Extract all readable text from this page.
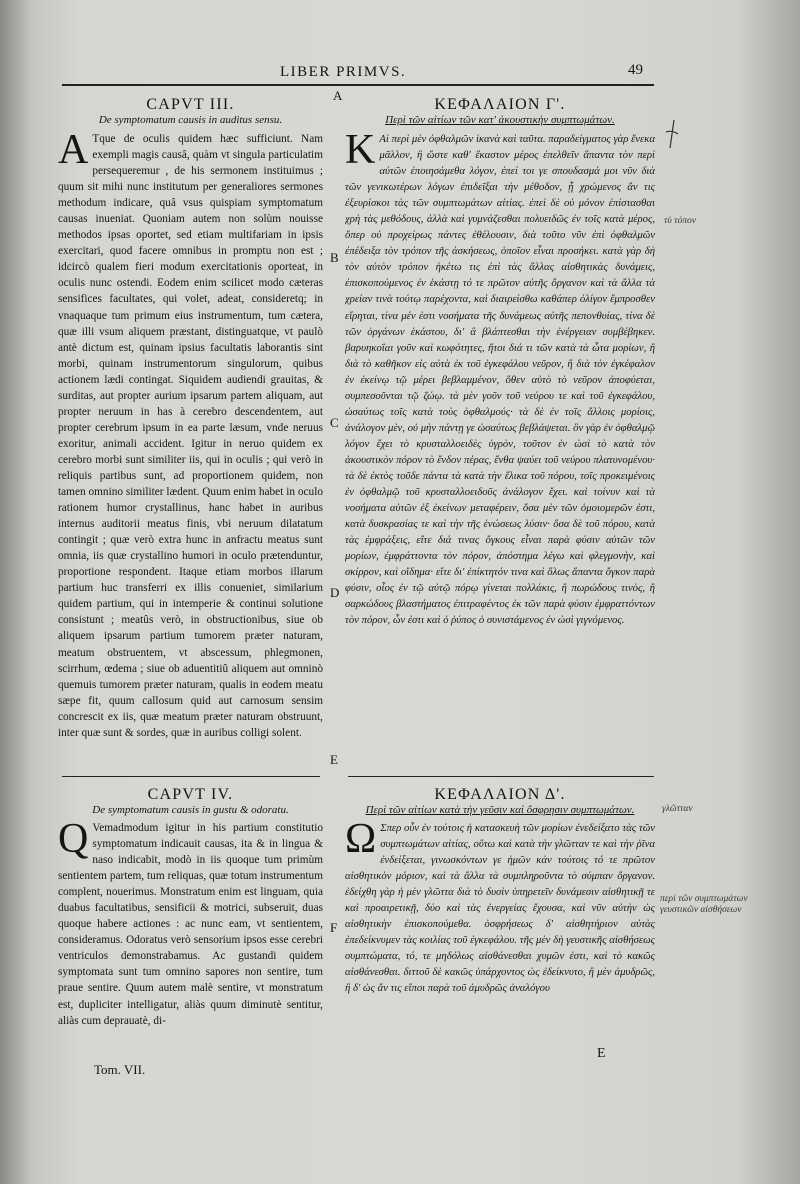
LIBER PRIMVS.	49
A
CAPVT III.
De symptomatum causis in auditus sensu.
A Tque de oculis quidem hæc sufficiunt. Nam exempli magis causâ, quàm vt singula particulatim persequeremur , de his sermonem instituimus ; quum sit mihi nunc institutum per generaliores sermones methodum indicare, quâ vsus quispiam symptomatum causas inueniat. Quoniam autem non solùm nouisse methodos ipsas oportet, sed etiam multifariam in ipsis exercitari, quod facere omnibus in promptu non est ; idcircò qualem fieri modum exercitationis oporteat, in oculis nunc ostendi. Eodem enim scilicet modo cæteras sensifices facultates, qui volet, adeat, consideretq; in vnaquaque tum primum eius instrumentum, tum cætera, quæ illi vsum aliquem præstant, distinguatque, vt paulò antè dictum est, quinam ipsius facultatis laborantis sint morbi, quinam instrumentorum singulorum, quibus actionem lædi contingat. Siquidem audiendi grauitas, & surditas, aut propter aurium ipsarum partem aliquam, aut propter neruum in has à cerebro descendentem, aut propter cerebrum ipsum in ea parte læsum, vnde neruus exoritur, animali accident. Igitur in neruo quidem ex cerebro morbi sunt similiter iis, qui in oculis ; qui verò in reliquis partibus sunt, ad proportionem quidem, non tamen omnino similiter lædent. Quum enim habet in oculo rationem humor crystallinus, hanc habet in auribus internus auditorii meatus finis, vbi neruum dilatatum contingit ; quæ verò extra hunc in anfractu meatus sunt omnia, iis quæ crystallino humori in oculo prætenduntur, proportione respondent. Itaque etiam morbos illarum partium huc transferri ex illis conueniet, similarium quidem partium, qui in intemperie & continui solutione consistunt ; meatûs verò, in obstructionibus, siue ob aliquem ipsarum partium tumorem præter naturam, meatum obstruentem, vt abscessum, phlegmonen, scirrhum, œdema ; siue ob aduentitiû aliquem aut omninò quemuis tumorem præter naturam, qualis in eodem meatu sæpe fit, quum callosum quid aut carnosum sensim concrescit ex iis, quæ meatum præter naturam obstruunt, inter quæ sunt & sordes, quæ in auribus colligi solent.
CAPVT IV.
De symptomatum causis in gustu & odoratu.
Q Vemadmodum igitur in his partium constitutio symptomatum indicauit causas, ita & in lingua & naso indicabit, modò in iis quoque tum primùm sentientem partem, tum reliquas, quæ totum instrumentum complent, nouerimus. Monstratum enim est linguam, quia duabus facultatibus, sensificii & motrici, subseruit, duas quoque habere actiones : ac nunc eam, vt sentientem, consideramus. Odoratus verò sensorium ipsos esse cerebri ventriculos demonstrabamus. Ac gustandi quidem symptomata sunt tum omnino sapores non sentire, tum praue sentire. Quum autem malè sentire, vt monstratum est, dupliciter intelligatur, aliàs quum diminutè sentitur, aliàs cum deprauatè, di-
Tom. VII.
B
C
D
E
F
ΚΕΦΑΛΑΙΟΝ Γ'.
Περὶ τῶν αἰτίων τῶν κατ' ἀκουστικὴν συμπτωμάτων.
Κ Αὶ περὶ μὲν ὀφθαλμῶν ἱκανὰ καὶ ταῦτα. παραδείγματος γὰρ ἕνεκα μᾶλλον, ἢ ὥστε καθ' ἕκαστον μέρος ἐπελθεῖν ἅπαντα τὸν περὶ αὐτῶν ἐποιησάμεθα λόγον, ἐπεί τοι γε σπουδασμά μοι νῦν διὰ τῶν γενικωτέρων λόγων ἐπιδεῖξαι τὴν μέθοδον, ᾗ χρώμενος ἄν τις ἐξευρίσκοι τὰς τῶν συμπτωμάτων αἰτίας. ἐπεὶ δὲ οὐ μόνον ἐπίστασθαι χρὴ τὰς μεθόδους, ἀλλὰ καὶ γυμνάζεσθαι πολυειδῶς ἐν τοῖς κατὰ μέρος, ὅπερ οὐ προχείρως πάντες ἐθέλουσιν, διὰ τοῦτο νῦν ἐπὶ ὀφθαλμῶν ἐπέδειξα τὸν τρόπον τῆς ἀσκήσεως, ὁποῖον εἶναι προσήκει. κατὰ γὰρ δὴ τὸν αὐτὸν τρόπον ἡκέτω τις ἐπὶ τὰς ἄλλας αἰσθητικὰς δυνάμεις, ἐπισκοπούμενος ἐν ἑκάστῃ τό τε πρῶτον αὐτῆς ὄργανον καὶ τὰ ἄλλα τὰ χρείαν τινὰ τούτῳ παρέχοντα, καὶ διαιρείσθω καθάπερ ὀλίγον ἔμπροσθεν εἴρηται, τίνα μέν ἐστι νοσήματα τῆς δυνάμεως αὐτῆς πεπονθυίας, τίνα δὲ τῶν ὀργάνων ἑκάστου, δι' ἃ βλάπτεσθαι τὴν ἐνέργειαν συμβέβηκεν. βαρυηκοΐαι γοῦν καὶ κωφότητες, ἤτοι διά τι τῶν κατὰ τὰ ὦτα μορίων, ἢ διὰ τὸ καθῆκον εἰς αὐτὰ ἐκ τοῦ ἐγκεφάλου νεῦρον, ἢ διὰ τὸν ἐγκέφαλον ἐν ἐκείνῳ τῷ μέρει βεβλαμμένον, ὅθεν αὐτὸ τὸ νεῦρον ἀποφύεται, συμπεσοῦνται τῷ ζώῳ. τὰ μὲν γοῦν τοῦ νεύρου τε καὶ τοῦ ἐγκεφάλου, ὡσαύτως τοῖς κατὰ τοὺς ὀφθαλμούς· τὰ δὲ ἐν τοῖς ἄλλοις μορίοις, ἀνάλογον μὲν, οὐ μὴν πάντῃ γε ὡσαύτως βεβλάψεται. ὃν γὰρ ἐν ὀφθαλμῷ λόγον ἔχει τὸ κρυσταλλοειδὲς ὑγρὸν, τοῦτον ἐν ὠσὶ τὸ κατὰ τὸν ἀκουστικὸν πόρον τὸ ἔνδον πέρας, ἔνθα ψαύει τοῦ νεύρου πλατυνομένου· τὰ δὲ ἐκτὸς τοῦδε πάντα τὰ κατὰ τὴν ἕλικα τοῦ πόρου, τοῖς προκειμένοις ἐν ὀφθαλμῷ τοῦ κρυσταλλοειδοῦς ἀνάλογον ἔχει. καὶ τοίνυν καὶ τὰ νοσήματα αὐτῶν ἐξ ἐκείνων μεταφέρειν, ὅσα μὲν τῶν ὁμοιομερῶν ἐστι, κατὰ δυσκρασίας τε καὶ τὴν τῆς ἑνώσεως λύσιν· ὅσα δὲ τοῦ πόρου, κατὰ τὰς ἐμφράξεις, εἴτε διά τινας ὄγκους εἶναι παρὰ φύσιν αὐτῶν τῶν μορίων, ἐμφράττοντα τὸν πόρον, ἀπόστημα λέγω καὶ φλεγμονὴν, καὶ σκίρρον, καὶ οἴδημα· εἴτε δι' ἐπίκτητόν τινα καὶ ὅλως ἅπαντα ὄγκον παρὰ φύσιν, οἷος ἐν τῷ αὐτῷ πόρῳ γίνεται πολλάκις, ἢ πωρώδους τινὸς, ἢ σαρκώδους βλαστήματος ἐπιτραφέντος ἐκ τῶν παρὰ φύσιν ἐμφραττόντων τὸν πόρον, ὧν ἐστι καὶ ὁ ῥύπος ὁ συνιστάμενος ἐν ὠσὶ γιγνόμενος.
ΚΕΦΑΛΑΙΟΝ Δ'.
Περὶ τῶν αἰτίων κατὰ τὴν γεῦσιν καὶ ὄσφρησιν συμπτωμάτων.
Ω Σπερ οὖν ἐν τούτοις ἡ κατασκευὴ τῶν μορίων ἐνεδείξατο τὰς τῶν συμπτωμάτων αἰτίας, οὕτω καὶ κατὰ τὴν γλῶτταν τε καὶ τὴν ῥῖνα ἐνδείξεται, γινωσκόντων γε ἡμῶν κἀν τούτοις τό τε πρῶτον αἰσθητικὸν μόριον, καὶ τὰ ἄλλα τὰ συμπληροῦντα τὸ σύμπαν ὄργανον. ἐδείχθη γὰρ ἡ μὲν γλῶττα διὰ τὸ δυσὶν ὑπηρετεῖν δυνάμεσιν αἰσθητικῇ τε καὶ προαιρετικῇ, δύο καὶ τὰς ἐνεργείας ἔχουσα, καὶ νῦν αὐτὴν ὡς αἰσθητικὴν ἐπισκοπούμεθα. ὀσφρήσεως δ' αἰσθητήριον αὐτὰς ἐπεδείκνυμεν τὰς κοιλίας τοῦ ἐγκεφάλου. τῆς μὲν δὴ γευστικῆς αἰσθήσεως συμπτώματα, τό, τε μηδόλως αἰσθάνεσθαι χυμῶν ἐστι, καὶ τὸ κακῶς αἰσθάνεσθαι. διττοῦ δὲ κακῶς ὑπάρχοντος ὡς ἐδείκνυτο, ἢ μὲν ἀμυδρῶς, ἢ δ' ὡς ἄν τις εἴποι παρὰ τοῦ ἀμυδρῶς ἀναλόγου
E
τὺ τόπον
γλῶτταν
περὶ τῶν συμπτωμάτων γευστικῶν αἰσθήσεων
